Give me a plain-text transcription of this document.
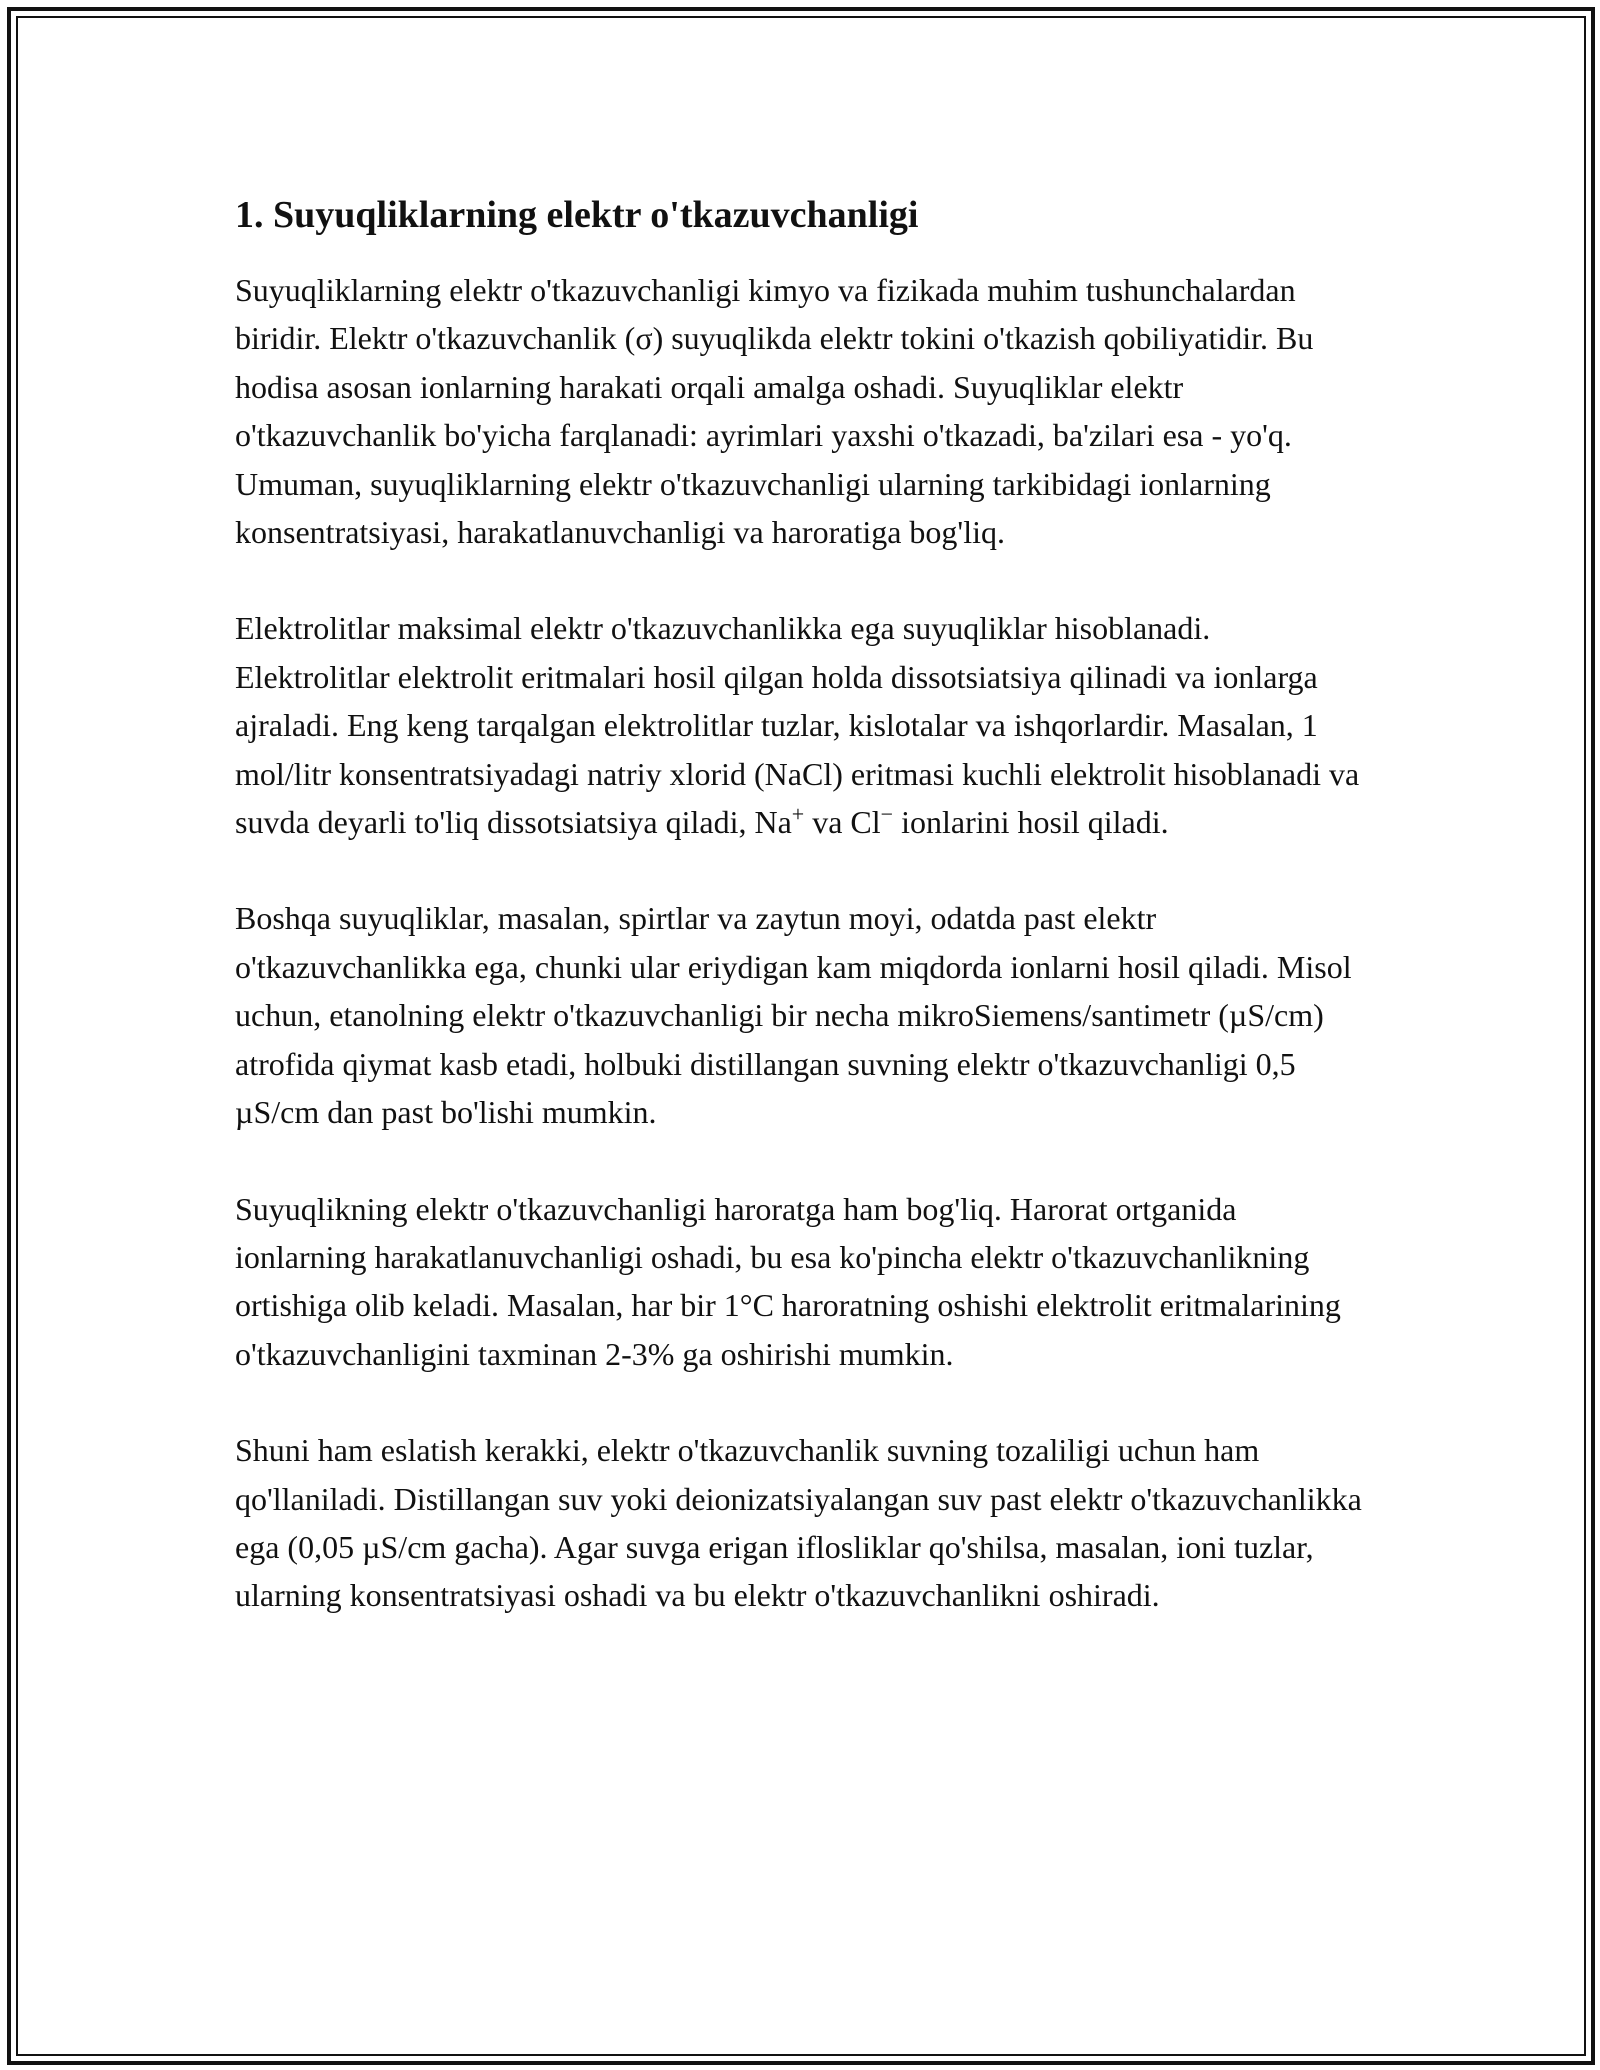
1. Suyuqliklarning elektr o'tkazuvchanligi

Suyuqliklarning elektr o'tkazuvchanligi kimyo va fizikada muhim tushunchalardan biridir. Elektr o'tkazuvchanlik (σ) suyuqlikda elektr tokini o'tkazish qobiliyatidir. Bu hodisa asosan ionlarning harakati orqali amalga oshadi. Suyuqliklar elektr o'tkazuvchanlik bo'yicha farqlanadi: ayrimlari yaxshi o'tkazadi, ba'zilari esa - yo'q. Umuman, suyuqliklarning elektr o'tkazuvchanligi ularning tarkibidagi ionlarning konsentratsiyasi, harakatlanuvchanligi va haroratiga bog'liq.

Elektrolitlar maksimal elektr o'tkazuvchanlikka ega suyuqliklar hisoblanadi. Elektrolitlar elektrolit eritmalari hosil qilgan holda dissotsiatsiya qilinadi va ionlarga ajraladi. Eng keng tarqalgan elektrolitlar tuzlar, kislotalar va ishqorlardir. Masalan, 1 mol/litr konsentratsiyadagi natriy xlorid (NaCl) eritmasi kuchli elektrolit hisoblanadi va suvda deyarli to'liq dissotsiatsiya qiladi, Na+ va Cl− ionlarini hosil qiladi.

Boshqa suyuqliklar, masalan, spirtlar va zaytun moyi, odatda past elektr o'tkazuvchanlikka ega, chunki ular eriydigan kam miqdorda ionlarni hosil qiladi. Misol uchun, etanolning elektr o'tkazuvchanligi bir necha mikroSiemens/santimetr (µS/cm) atrofida qiymat kasb etadi, holbuki distillangan suvning elektr o'tkazuvchanligi 0,5 µS/cm dan past bo'lishi mumkin.

Suyuqlikning elektr o'tkazuvchanligi haroratga ham bog'liq. Harorat ortganida ionlarning harakatlanuvchanligi oshadi, bu esa ko'pincha elektr o'tkazuvchanlikning ortishiga olib keladi. Masalan, har bir 1°C haroratning oshishi elektrolit eritmalarining o'tkazuvchanligini taxminan 2-3% ga oshirishi mumkin.

Shuni ham eslatish kerakki, elektr o'tkazuvchanlik suvning tozaliligi uchun ham qo'llaniladi. Distillangan suv yoki deionizatsiyalangan suv past elektr o'tkazuvchanlikka ega (0,05 µS/cm gacha). Agar suvga erigan iflosliklar qo'shilsa, masalan, ioni tuzlar, ularning konsentratsiyasi oshadi va bu elektr o'tkazuvchanlikni oshiradi.
